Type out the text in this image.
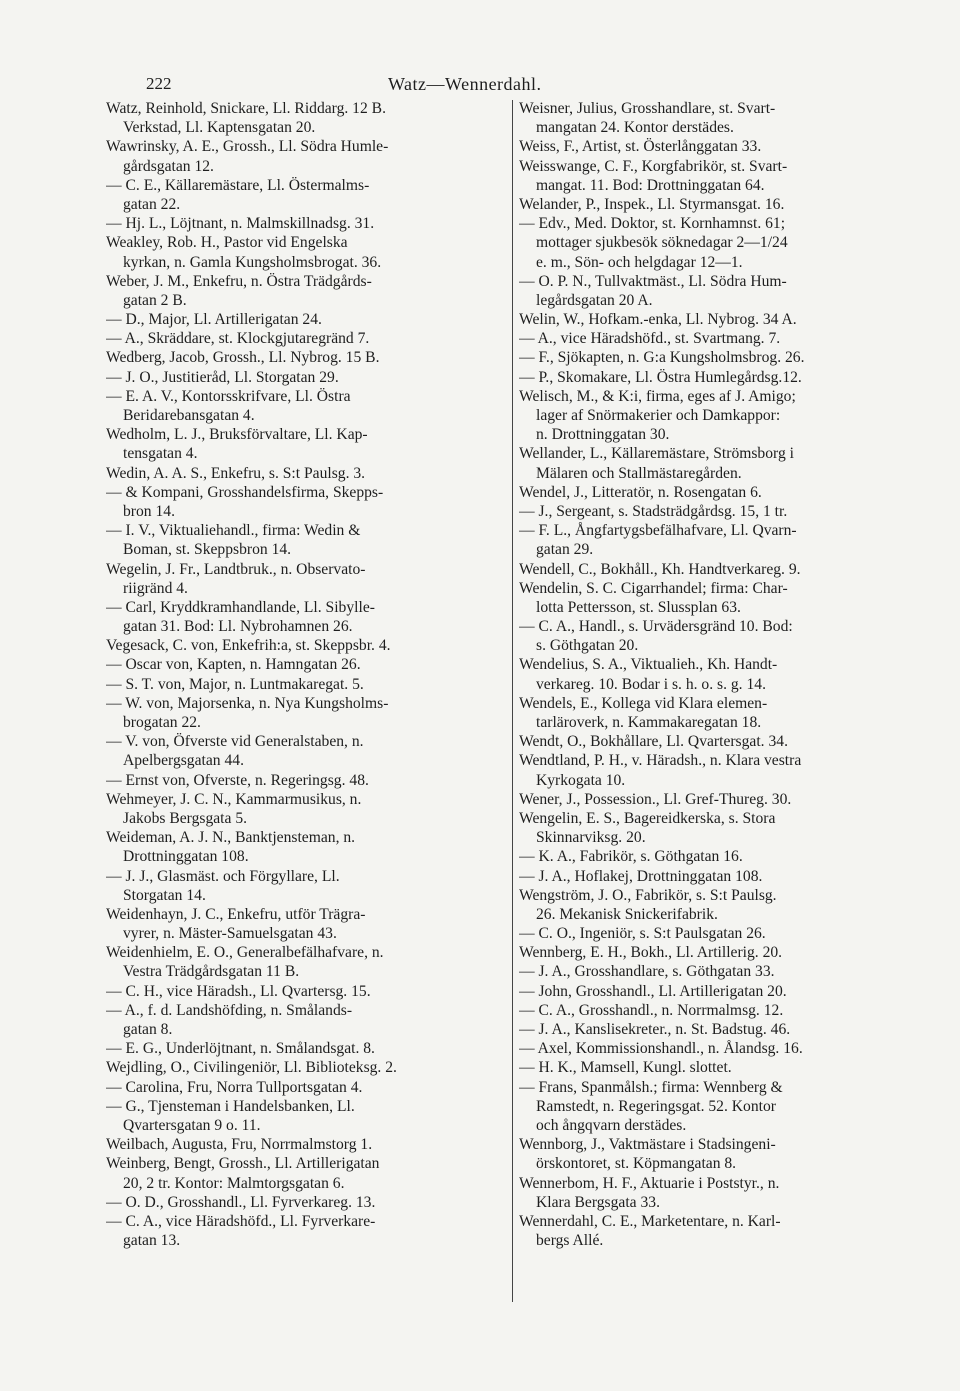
222	Watz—Wennerdahl.
Watz, Reinhold, Snickare, Ll. Riddarg. 12 B.
Verkstad, Ll. Kaptensgatan 20.
Wawrinsky, A. E., Grossh., Ll. Södra Humle-
gårdsgatan 12.
— C. E., Källaremästare, Ll. Östermalms-
gatan 22.
— Hj. L., Löjtnant, n. Malmskillnadsg. 31.
Weakley, Rob. H., Pastor vid Engelska
kyrkan, n. Gamla Kungsholmsbrogat. 36.
Weber, J. M., Enkefru, n. Östra Trädgårds-
gatan 2 B.
— D., Major, Ll. Artillerigatan 24.
— A., Skräddare, st. Klockgjutaregränd 7.
Wedberg, Jacob, Grossh., Ll. Nybrog. 15 B.
— J. O., Justitieråd, Ll. Storgatan 29.
— E. A. V., Kontorsskrifvare, Ll. Östra
Beridarebansgatan 4.
Wedholm, L. J., Bruksförvaltare, Ll. Kap-
tensgatan 4.
Wedin, A. A. S., Enkefru, s. S:t Paulsg. 3.
— & Kompani, Grosshandelsfirma, Skepps-
bron 14.
— I. V., Viktualiehandl., firma: Wedin &
Boman, st. Skeppsbron 14.
Wegelin, J. Fr., Landtbruk., n. Observato-
riigränd 4.
— Carl, Kryddkramhandlande, Ll. Sibylle-
gatan 31. Bod: Ll. Nybrohamnen 26.
Vegesack, C. von, Enkefrih:a, st. Skeppsbr. 4.
— Oscar von, Kapten, n. Hamngatan 26.
— S. T. von, Major, n. Luntmakaregat. 5.
— W. von, Majorsenka, n. Nya Kungsholms-
brogatan 22.
— V. von, Öfverste vid Generalstaben, n.
Apelbergsgatan 44.
— Ernst von, Ofverste, n. Regeringsg. 48.
Wehmeyer, J. C. N., Kammarmusikus, n.
Jakobs Bergsgata 5.
Weideman, A. J. N., Banktjensteman, n.
Drottninggatan 108.
— J. J., Glasmäst. och Förgyllare, Ll.
Storgatan 14.
Weidenhayn, J. C., Enkefru, utför Trägra-
vyrer, n. Mäster-Samuelsgatan 43.
Weidenhielm, E. O., Generalbefälhafvare, n.
Vestra Trädgårdsgatan 11 B.
— C. H., vice Häradsh., Ll. Qvartersg. 15.
— A., f. d. Landshöfding, n. Smålands-
gatan 8.
— E. G., Underlöjtnant, n. Smålandsgat. 8.
Wejdling, O., Civilingeniör, Ll. Biblioteksg. 2.
— Carolina, Fru, Norra Tullportsgatan 4.
— G., Tjensteman i Handelsbanken, Ll.
Qvartersgatan 9 o. 11.
Weilbach, Augusta, Fru, Norrmalmstorg 1.
Weinberg, Bengt, Grossh., Ll. Artillerigatan
20, 2 tr. Kontor: Malmtorgsgatan 6.
— O. D., Grosshandl., Ll. Fyrverkareg. 13.
— C. A., vice Häradshöfd., Ll. Fyrverkare-
gatan 13.
Weisner, Julius, Grosshandlare, st. Svart-
mangatan 24. Kontor derstädes.
Weiss, F., Artist, st. Österlånggatan 33.
Weisswange, C. F., Korgfabrikör, st. Svart-
mangat. 11. Bod: Drottninggatan 64.
Welander, P., Inspek., Ll. Styrmansgat. 16.
— Edv., Med. Doktor, st. Kornhamnst. 61;
mottager sjukbesök söknedagar 2—1/24
e. m., Sön- och helgdagar 12—1.
— O. P. N., Tullvaktmäst., Ll. Södra Hum-
legårdsgatan 20 A.
Welin, W., Hofkam.-enka, Ll. Nybrog. 34 A.
— A., vice Häradshöfd., st. Svartmang. 7.
— F., Sjökapten, n. G:a Kungsholmsbrog. 26.
— P., Skomakare, Ll. Östra Humlegårdsg.12.
Welisch, M., & K:i, firma, eges af J. Amigo;
lager af Snörmakerier och Damkappor:
n. Drottninggatan 30.
Wellander, L., Källaremästare, Strömsborg i
Mälaren och Stallmästaregården.
Wendel, J., Litteratör, n. Rosengatan 6.
— J., Sergeant, s. Stadsträdgårdsg. 15, 1 tr.
— F. L., Ångfartygsbefälhafvare, Ll. Qvarn-
gatan 29.
Wendell, C., Bokhåll., Kh. Handtverkareg. 9.
Wendelin, S. C. Cigarrhandel; firma: Char-
lotta Pettersson, st. Slussplan 63.
— C. A., Handl., s. Urvädersgränd 10. Bod:
s. Göthgatan 20.
Wendelius, S. A., Viktualieh., Kh. Handt-
verkareg. 10. Bodar i s. h. o. s. g. 14.
Wendels, E., Kollega vid Klara elemen-
tarläroverk, n. Kammakaregatan 18.
Wendt, O., Bokhållare, Ll. Qvartersgat. 34.
Wendtland, P. H., v. Häradsh., n. Klara vestra
Kyrkogata 10.
Wener, J., Possession., Ll. Gref-Thureg. 30.
Wengelin, E. S., Bagereidkerska, s. Stora
Skinnarviksg. 20.
— K. A., Fabrikör, s. Göthgatan 16.
— J. A., Hoflakej, Drottninggatan 108.
Wengström, J. O., Fabrikör, s. S:t Paulsg.
26. Mekanisk Snickerifabrik.
— C. O., Ingeniör, s. S:t Paulsgatan 26.
Wennberg, E. H., Bokh., Ll. Artillerig. 20.
— J. A., Grosshandlare, s. Göthgatan 33.
— John, Grosshandl., Ll. Artillerigatan 20.
— C. A., Grosshandl., n. Norrmalmsg. 12.
— J. A., Kanslisekreter., n. St. Badstug. 46.
— Axel, Kommissionshandl., n. Ålandsg. 16.
— H. K., Mamsell, Kungl. slottet.
— Frans, Spanmålsh.; firma: Wennberg &
Ramstedt, n. Regeringsgat. 52. Kontor
och ångqvarn derstädes.
Wennborg, J., Vaktmästare i Stadsingeni-
örskontoret, st. Köpmangatan 8.
Wennerbom, H. F., Aktuarie i Poststyr., n.
Klara Bergsgata 33.
Wennerdahl, C. E., Marketentare, n. Karl-
bergs Allé.
